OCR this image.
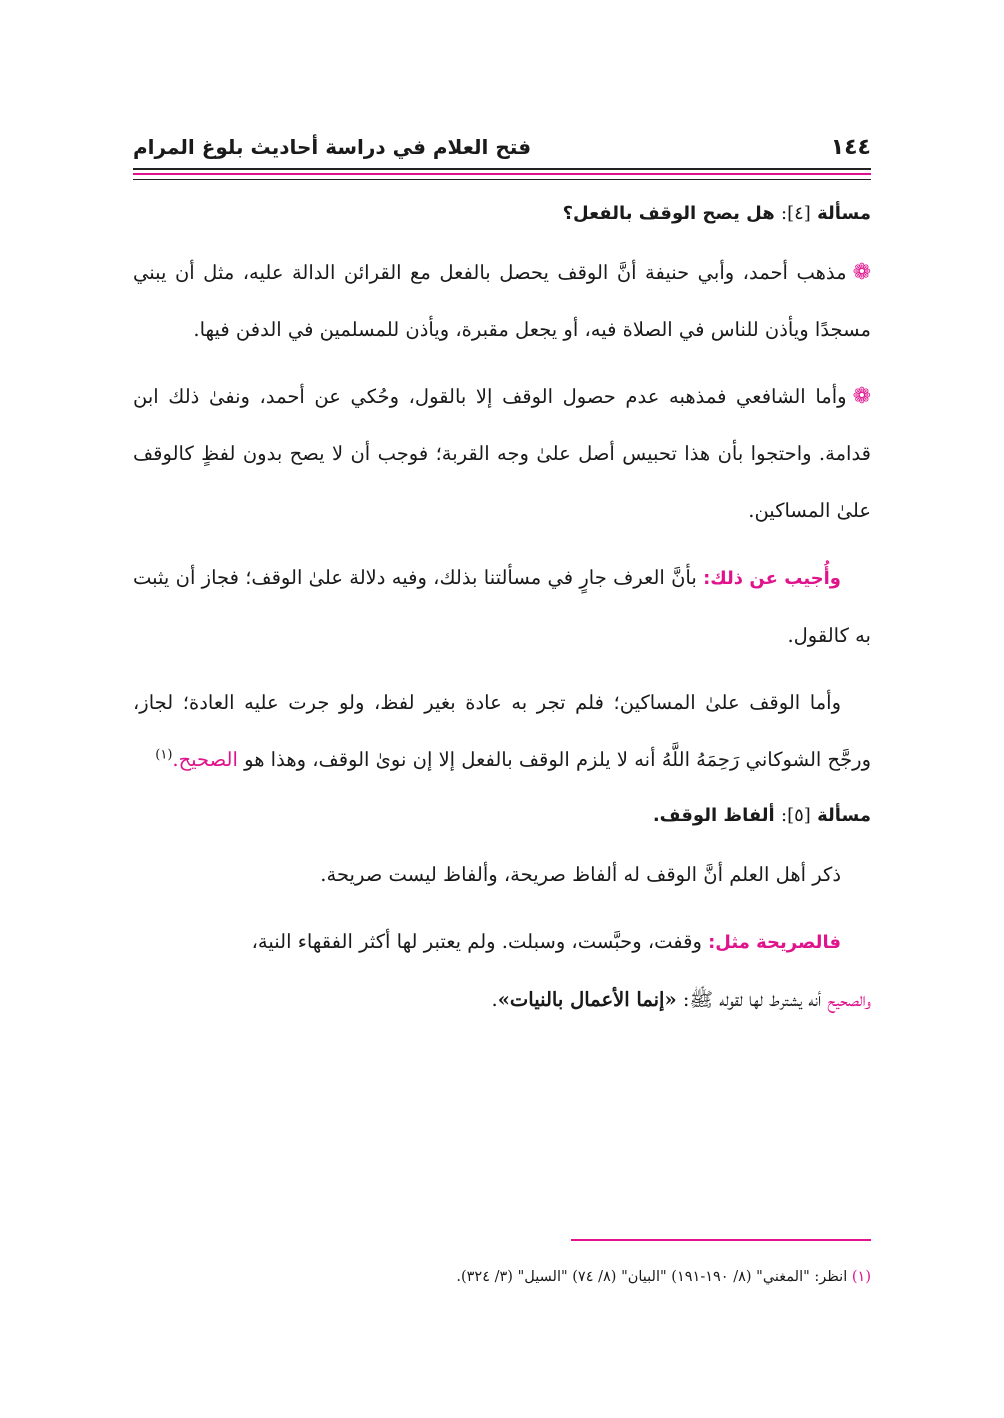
١٤٤
فتح العلام في دراسة أحاديث بلوغ المرام
مسألة [٤]: هل يصح الوقف بالفعل؟

❁مذهب أحمد، وأبي حنيفة أنَّ الوقف يحصل بالفعل مع القرائن الدالة عليه، مثل أن يبني مسجدًا ويأذن للناس في الصلاة فيه، أو يجعل مقبرة، ويأذن للمسلمين في الدفن فيها.

❁وأما الشافعي فمذهبه عدم حصول الوقف إلا بالقول، وحُكي عن أحمد، ونفىٰ ذلك ابن قدامة. واحتجوا بأن هذا تحبيس أصل علىٰ وجه القربة؛ فوجب أن لا يصح بدون لفظٍ كالوقف علىٰ المساكين.

وأُجيب عن ذلك: بأنَّ العرف جارٍ في مسألتنا بذلك، وفيه دلالة علىٰ الوقف؛ فجاز أن يثبت به كالقول.

وأما الوقف علىٰ المساكين؛ فلم تجر به عادة بغير لفظ، ولو جرت عليه العادة؛ لجاز، ورجَّح الشوكاني رَحِمَهُ اللَّهُ أنه لا يلزم الوقف بالفعل إلا إن نوىٰ الوقف، وهذا هو الصحيح.$^{(١)}$

مسألة [٥]: ألفاظ الوقف.

ذكر أهل العلم أنَّ الوقف له ألفاظ صريحة، وألفاظ ليست صريحة.

فالصريحة مثل: وقفت، وحبَّست، وسبلت. ولم يعتبر لها أكثر الفقهاء النية،

والصحيح أنه يشترط لها لقوله ﷺ: «إنما الأعمال بالنيات».

(١) انظر: "المغني" (٨/ ١٩٠-١٩١) "البيان" (٨/ ٧٤) "السيل" (٣/ ٣٢٤).
